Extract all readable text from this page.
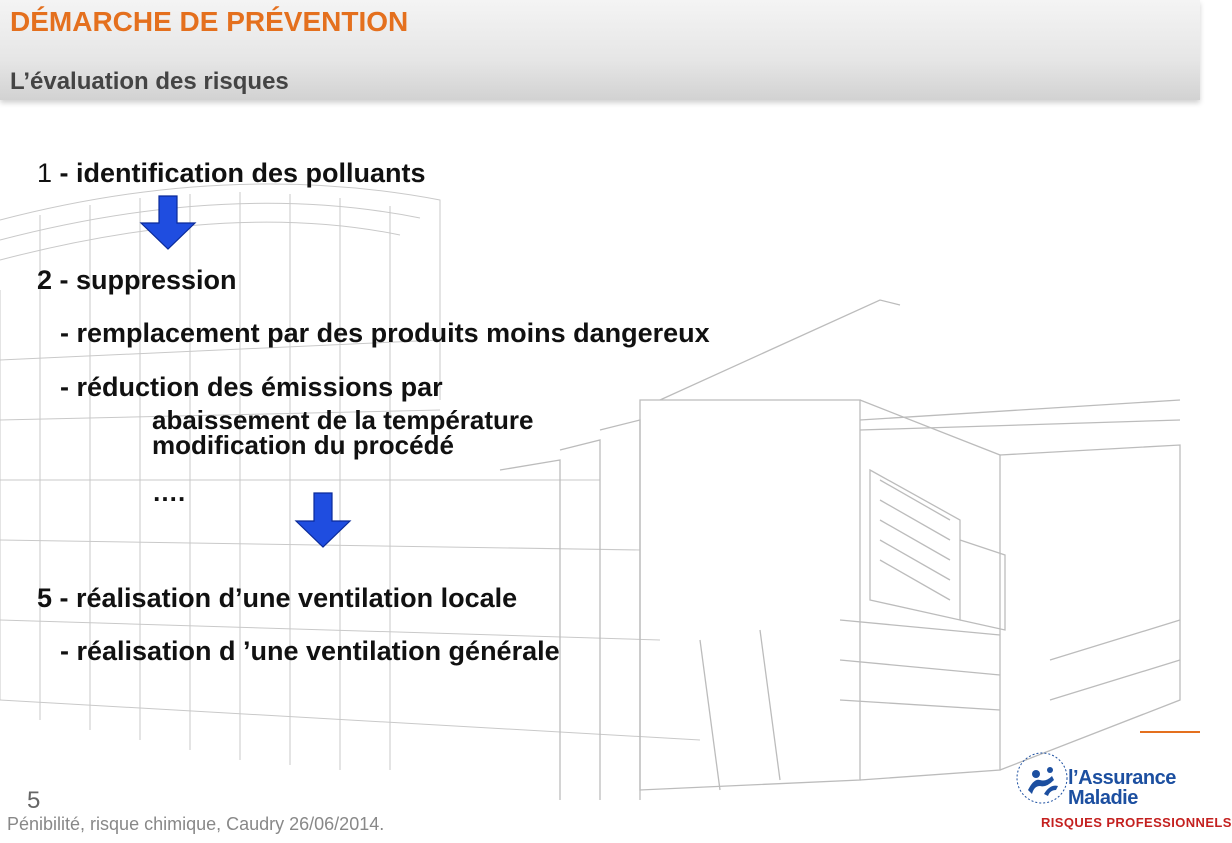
DÉMARCHE DE PRÉVENTION
L’évaluation des risques
1 - identification des polluants
2 - suppression
- remplacement par des produits moins dangereux
- réduction des émissions par
abaissement de la température
modification du procédé
….
5 - réalisation d’une ventilation locale
- réalisation d ’une ventilation générale
5
Pénibilité, risque chimique, Caudry 26/06/2014.
l’Assurance
Maladie
RISQUES PROFESSIONNELS
